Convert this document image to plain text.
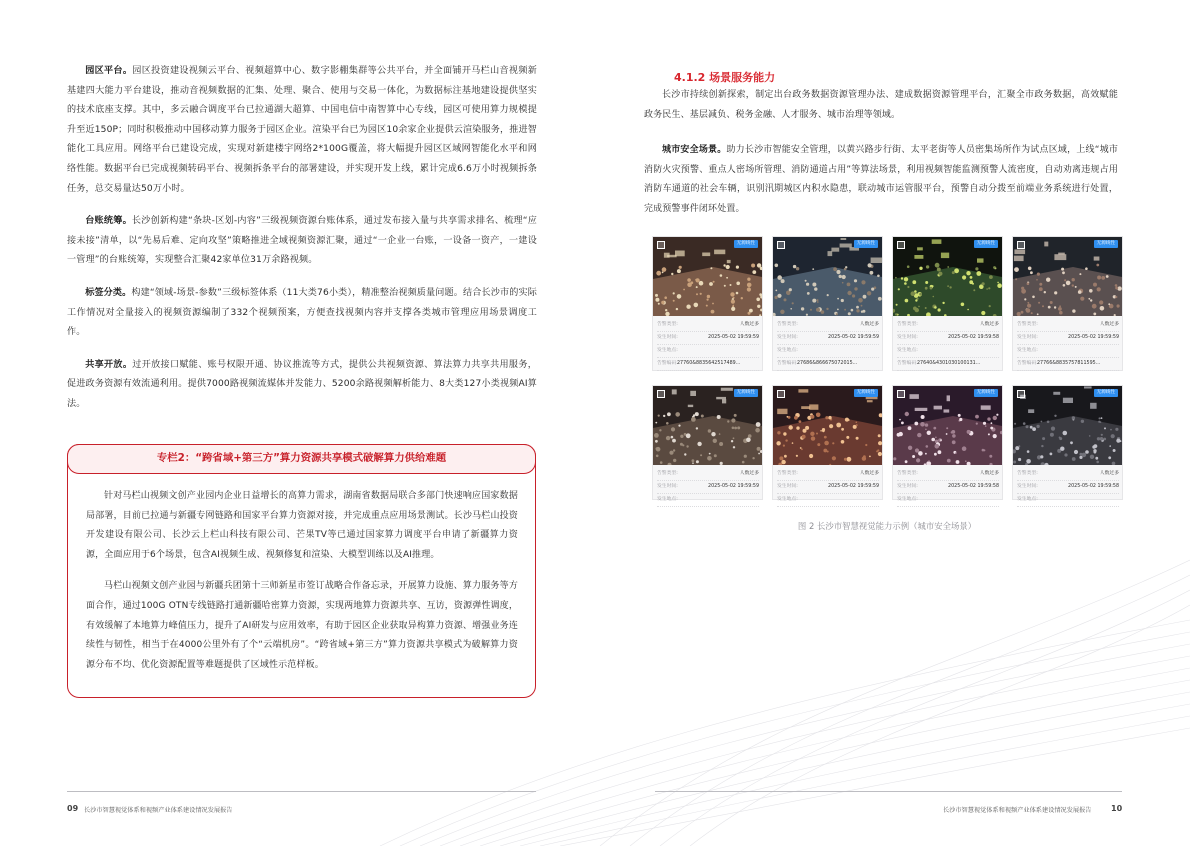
园区平台。园区投资建设视频云平台、视频超算中心、数字影棚集群等公共平台，并全面铺开马栏山音视频新基建四大能力平台建设，推动音视频数据的汇集、处理、聚合、使用与交易一体化，为数据标注基地建设提供坚实的技术底座支撑。其中，多云融合调度平台已拉通湖大超算、中国电信中南智算中心专线，园区可使用算力规模提升至近150P；同时积极推动中国移动算力服务于园区企业。渲染平台已为园区10余家企业提供云渲染服务，推进智能化工具应用。网络平台已建设完成，实现对新建楼宇网络2*100G覆盖，将大幅提升园区区域网智能化水平和网络性能。数据平台已完成视频转码平台、视频拆条平台的部署建设，并实现开发上线，累计完成6.6万小时视频拆条任务，总交易量达50万小时。

台账统筹。长沙创新构建“条块-区划-内容”三级视频资源台账体系，通过发布接入量与共享需求排名、梳理“应接未接”清单，以“先易后难、定向攻坚”策略推进全域视频资源汇聚，通过“一企业一台账，一设备一资产，一建设一管理”的台账统筹，实现整合汇聚42家单位31万余路视频。

标签分类。构建“领域-场景-参数”三级标签体系（11大类76小类），精准整治视频质量问题。结合长沙市的实际工作情况对全量接入的视频资源编制了332个视频预案，方便查找视频内容并支撑各类城市管理应用场景调度工作。

共享开放。过开放接口赋能、账号权限开通、协议推流等方式，提供公共视频资源、算法算力共享共用服务，促进政务资源有效流通利用。提供7000路视频流媒体并发能力、5200余路视频解析能力、8大类127小类视频AI算法。

专栏2：“跨省域+第三方”算力资源共享模式破解算力供给难题

针对马栏山视频文创产业园内企业日益增长的高算力需求，湖南省数据局联合多部门快速响应国家数据局部署，目前已拉通与新疆专网链路和国家平台算力资源对接，并完成重点应用场景测试。长沙马栏山投资开发建设有限公司、长沙云上栏山科技有限公司、芒果TV等已通过国家算力调度平台申请了新疆算力资源，全面应用于6个场景，包含AI视频生成、视频修复和渲染、大模型训练以及AI推理。

马栏山视频文创产业园与新疆兵团第十三师新星市签订战略合作备忘录，开展算力设施、算力服务等方面合作，通过100G OTN专线链路打通新疆哈密算力资源，实现两地算力资源共享、互访，资源弹性调度，有效缓解了本地算力峰值压力，提升了AI研发与应用效率，有助于园区企业获取异构算力资源、增强业务连续性与韧性，相当于在4000公里外有了个“云端机房”。“跨省域+第三方”算力资源共享模式为破解算力资源分布不均、优化资源配置等难题提供了区域性示范样板。

09 长沙市智慧视觉体系和视频产业体系建设情况发展报告
4.1.2 场景服务能力

长沙市持续创新探索，制定出台政务数据资源管理办法、建成数据资源管理平台，汇聚全市政务数据，高效赋能政务民生、基层减负、税务金融、人才服务、城市治理等领域。

城市安全场景。助力长沙市智能安全管理，以黄兴路步行街、太平老街等人员密集场所作为试点区域，上线“城市消防火灾预警、重点人密场所管理、消防通道占用”等算法场景，利用视频智能监测预警人流密度，自动劝离违规占用消防车通道的社会车辆，识别汛期城区内积水隐患，联动城市运管服平台，预警自动分拨至前端业务系统进行处置，完成预警事件闭环处置。

无源线性
告警类型:	人数过多
发生时间:	2025-05-02 19:59:59
发生地点:
告警编码: 27760&8835642517489...
无源线性
告警类型:	人数过多
发生时间:	2025-05-02 19:59:59
发生地点:
告警编码: 27686&866675072015...
无源线性
告警类型:	人数过多
发生时间:	2025-05-02 19:59:58
发生地点:
告警编码: 27640&430103010013​1...
无源线性
告警类型:	人数过多
发生时间:	2025-05-02 19:59:59
发生地点:
告警编码: 27766&8835757811595...
无源线性
告警类型:	人数过多
发生时间:	2025-05-02 19:59:59
发生地点:
无源线性
告警类型:	人数过多
发生时间:	2025-05-02 19:59:59
发生地点:
无源线性
告警类型:	人数过多
发生时间:	2025-05-02 19:59:58
发生地点:
无源线性
告警类型:	人数过多
发生时间:	2025-05-02 19:59:58
发生地点:
图 2 长沙市智慧视觉能力示例（城市安全场景）
长沙市智慧视觉体系和视频产业体系建设情况发展报告 10
